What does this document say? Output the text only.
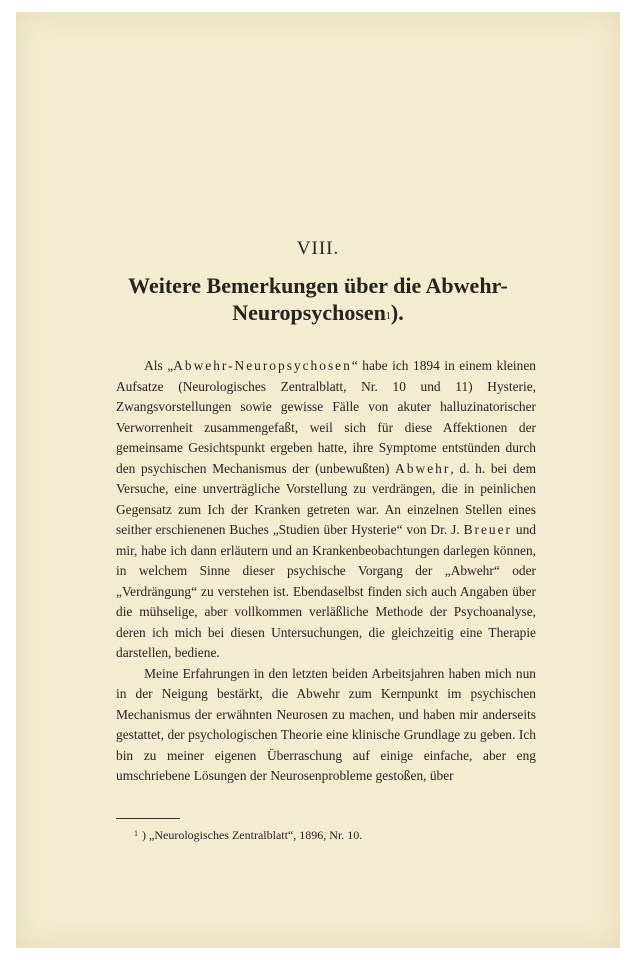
VIII.
Weitere Bemerkungen über die Abwehr-
Neuropsychosen$^1$).

Als „Abwehr-Neuropsychosen“ habe ich 1894 in einem kleinen Aufsatze (Neurologisches Zentralblatt, Nr. 10 und 11) Hysterie, Zwangsvorstellungen sowie gewisse Fälle von akuter halluzinatorischer Verworrenheit zusammengefaßt, weil sich für diese Affektionen der gemeinsame Gesichtspunkt ergeben hatte, ihre Symptome entstünden durch den psychischen Mechanismus der (unbewußten) Abwehr, d. h. bei dem Versuche, eine unverträgliche Vorstellung zu verdrängen, die in peinlichen Gegensatz zum Ich der Kranken getreten war. An einzelnen Stellen eines seither erschienenen Buches „Studien über Hysterie“ von Dr. J. Breuer und mir, habe ich dann erläutern und an Krankenbeobachtungen darlegen können, in welchem Sinne dieser psychische Vorgang der „Abwehr“ oder „Verdrängung“ zu verstehen ist. Ebendaselbst finden sich auch Angaben über die mühselige, aber vollkommen verläßliche Methode der Psychoanalyse, deren ich mich bei diesen Untersuchungen, die gleichzeitig eine Therapie darstellen, bediene.

Meine Erfahrungen in den letzten beiden Arbeitsjahren haben mich nun in der Neigung bestärkt, die Abwehr zum Kernpunkt im psychischen Mechanismus der erwähnten Neurosen zu machen, und haben mir anderseits gestattet, der psychologischen Theorie eine klinische Grundlage zu geben. Ich bin zu meiner eigenen Überraschung auf einige einfache, aber eng umschriebene Lösungen der Neurosenprobleme gestoßen, über

$^1$ ) „Neurologisches Zentralblatt“, 1896, Nr. 10.
